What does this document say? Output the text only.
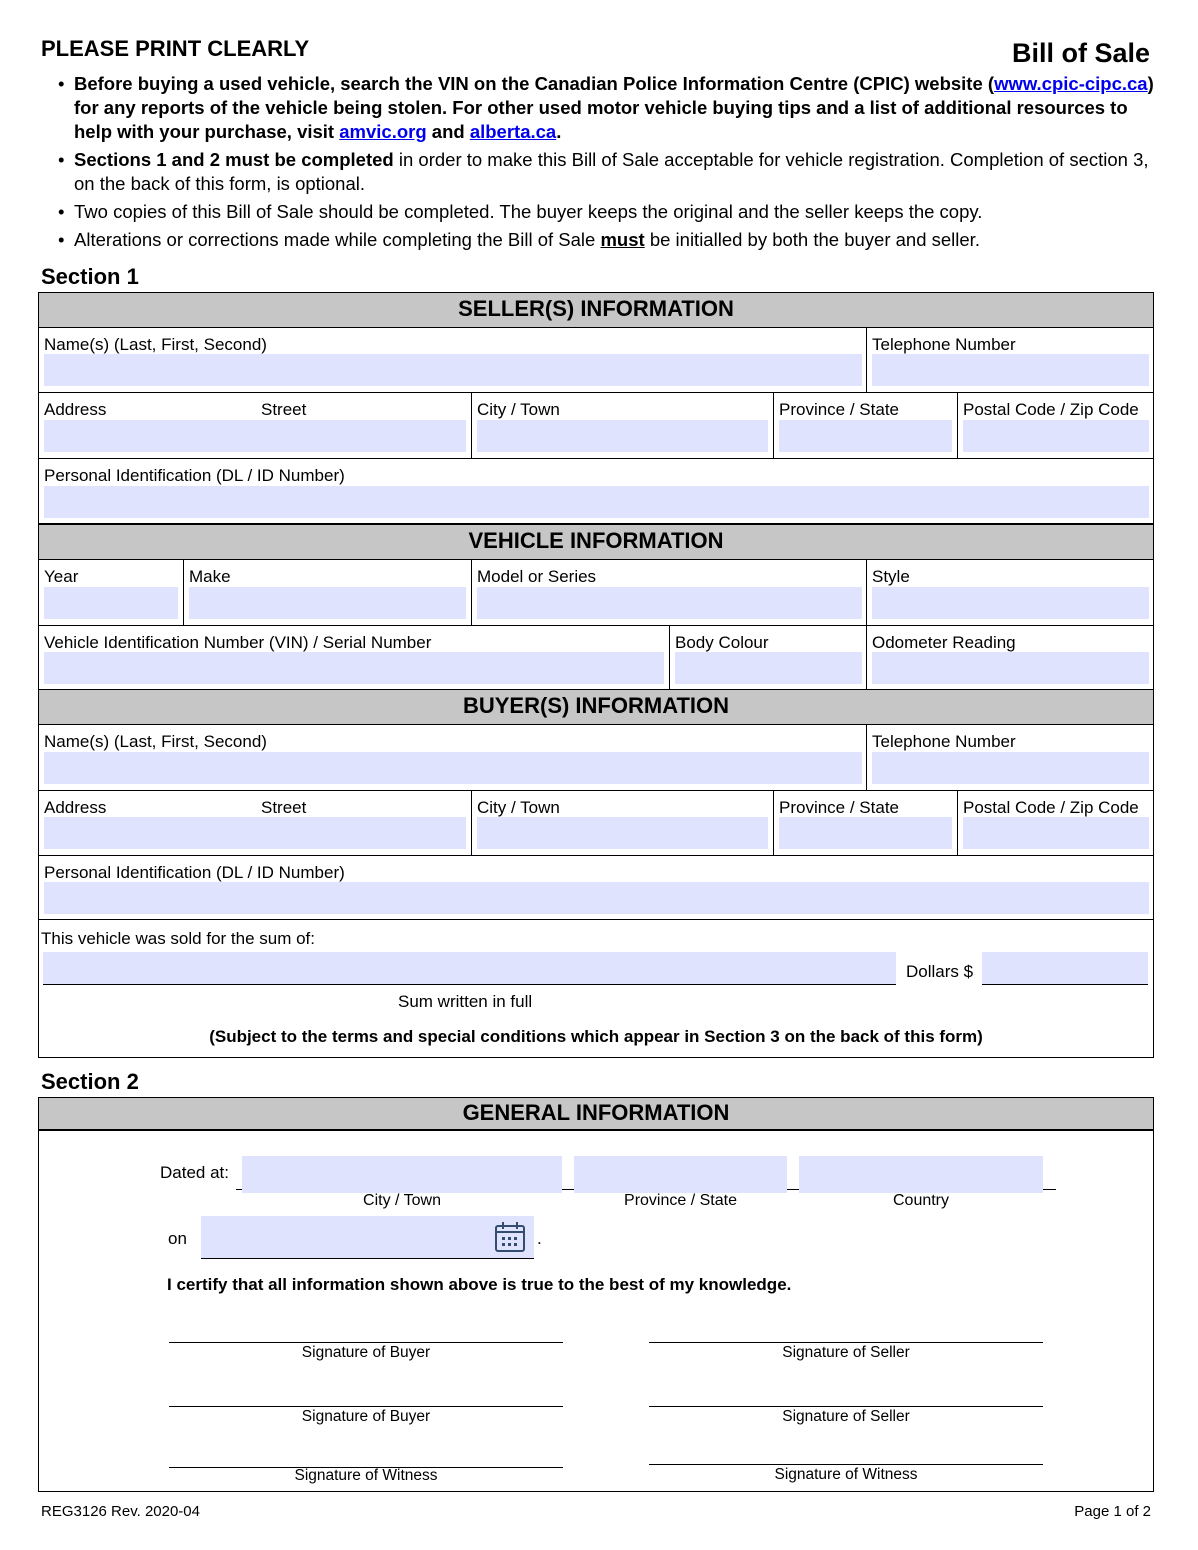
PLEASE PRINT CLEARLY	Bill of Sale
• Before buying a used vehicle, search the VIN on the Canadian Police Information Centre (CPIC) website (www.cpic-cipc.ca) for any reports of the vehicle being stolen. For other used motor vehicle buying tips and a list of additional resources to help with your purchase, visit amvic.org and alberta.ca.
• Sections 1 and 2 must be completed in order to make this Bill of Sale acceptable for vehicle registration. Completion of section 3, on the back of this form, is optional.
• Two copies of this Bill of Sale should be completed. The buyer keeps the original and the seller keeps the copy.
• Alterations or corrections made while completing the Bill of Sale must be initialled by both the buyer and seller.
Section 1
SELLER(S) INFORMATION
Name(s) (Last, First, Second)	Telephone Number
Address	Street	City / Town	Province / State	Postal Code / Zip Code
Personal Identification (DL / ID Number)
VEHICLE INFORMATION
Year	Make	Model or Series	Style
Vehicle Identification Number (VIN) / Serial Number	Body Colour	Odometer Reading
BUYER(S) INFORMATION
Name(s) (Last, First, Second)	Telephone Number
Address	Street	City / Town	Province / State	Postal Code / Zip Code
Personal Identification (DL / ID Number)
This vehicle was sold for the sum of:
Dollars $
Sum written in full
(Subject to the terms and special conditions which appear in Section 3 on the back of this form)
Section 2
GENERAL INFORMATION
Dated at:
City / Town	Province / State	Country
on	.
I certify that all information shown above is true to the best of my knowledge.
Signature of Buyer	Signature of Seller
Signature of Buyer	Signature of Seller
Signature of Witness	Signature of Witness
REG3126 Rev. 2020-04	Page 1 of 2
